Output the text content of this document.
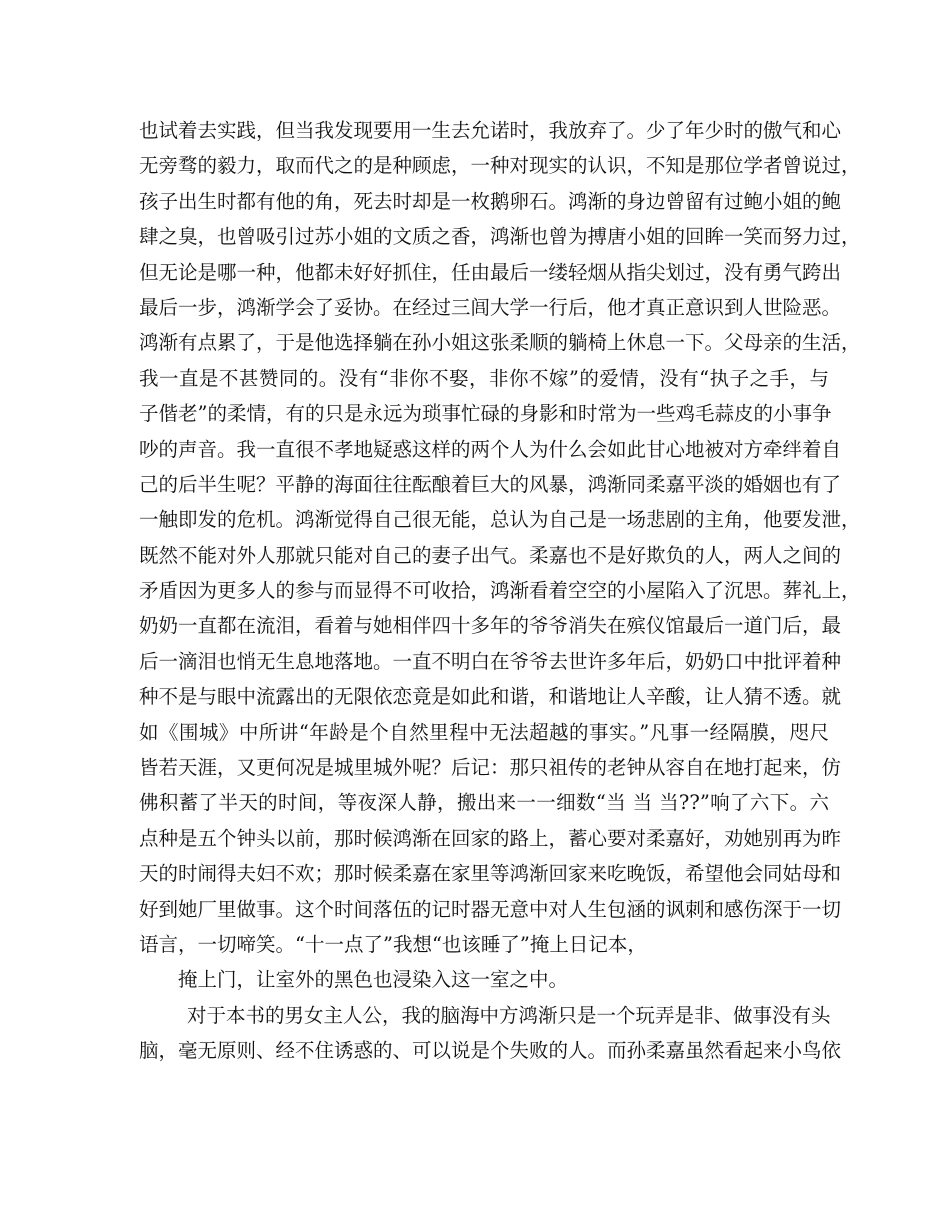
也试着去实践，但当我发现要用一生去允诺时，我放弃了。少了年少时的傲气和心
无旁骛的毅力，取而代之的是种顾虑，一种对现实的认识，不知是那位学者曾说过，
孩子出生时都有他的角，死去时却是一枚鹅卵石。鸿渐的身边曾留有过鲍小姐的鲍
肆之臭，也曾吸引过苏小姐的文质之香，鸿渐也曾为搏唐小姐的回眸一笑而努力过，
但无论是哪一种，他都未好好抓住，任由最后一缕轻烟从指尖划过，没有勇气跨出
最后一步，鸿渐学会了妥协。在经过三闾大学一行后，他才真正意识到人世险恶。
鸿渐有点累了，于是他选择躺在孙小姐这张柔顺的躺椅上休息一下。父母亲的生活，
我一直是不甚赞同的。没有“非你不娶，非你不嫁”的爱情，没有“执子之手，与
子偕老”的柔情，有的只是永远为琐事忙碌的身影和时常为一些鸡毛蒜皮的小事争
吵的声音。我一直很不孝地疑惑这样的两个人为什么会如此甘心地被对方牵绊着自
己的后半生呢？平静的海面往往酝酿着巨大的风暴，鸿渐同柔嘉平淡的婚姻也有了
一触即发的危机。鸿渐觉得自己很无能，总认为自己是一场悲剧的主角，他要发泄，
既然不能对外人那就只能对自己的妻子出气。柔嘉也不是好欺负的人，两人之间的
矛盾因为更多人的参与而显得不可收拾，鸿渐看着空空的小屋陷入了沉思。葬礼上，
奶奶一直都在流泪，看着与她相伴四十多年的爷爷消失在殡仪馆最后一道门后，最
后一滴泪也悄无生息地落地。一直不明白在爷爷去世许多年后，奶奶口中批评着种
种不是与眼中流露出的无限依恋竟是如此和谐，和谐地让人辛酸，让人猜不透。就
如《围城》中所讲“年龄是个自然里程中无法超越的事实。”凡事一经隔膜，咫尺
皆若天涯，又更何况是城里城外呢？后记：那只祖传的老钟从容自在地打起来，仿
佛积蓄了半天的时间，等夜深人静，搬出来一一细数“当 当 当??”响了六下。六
点种是五个钟头以前，那时候鸿渐在回家的路上，蓄心要对柔嘉好，劝她别再为昨
天的时闹得夫妇不欢；那时候柔嘉在家里等鸿渐回家来吃晚饭，希望他会同姑母和
好到她厂里做事。这个时间落伍的记时器无意中对人生包涵的讽刺和感伤深于一切
语言，一切啼笑。“十一点了”我想“也该睡了”掩上日记本，
掩上门，让室外的黑色也浸染入这一室之中。
对于本书的男女主人公，我的脑海中方鸿渐只是一个玩弄是非、做事没有头
脑，毫无原则、经不住诱惑的、可以说是个失败的人。而孙柔嘉虽然看起来小鸟依
